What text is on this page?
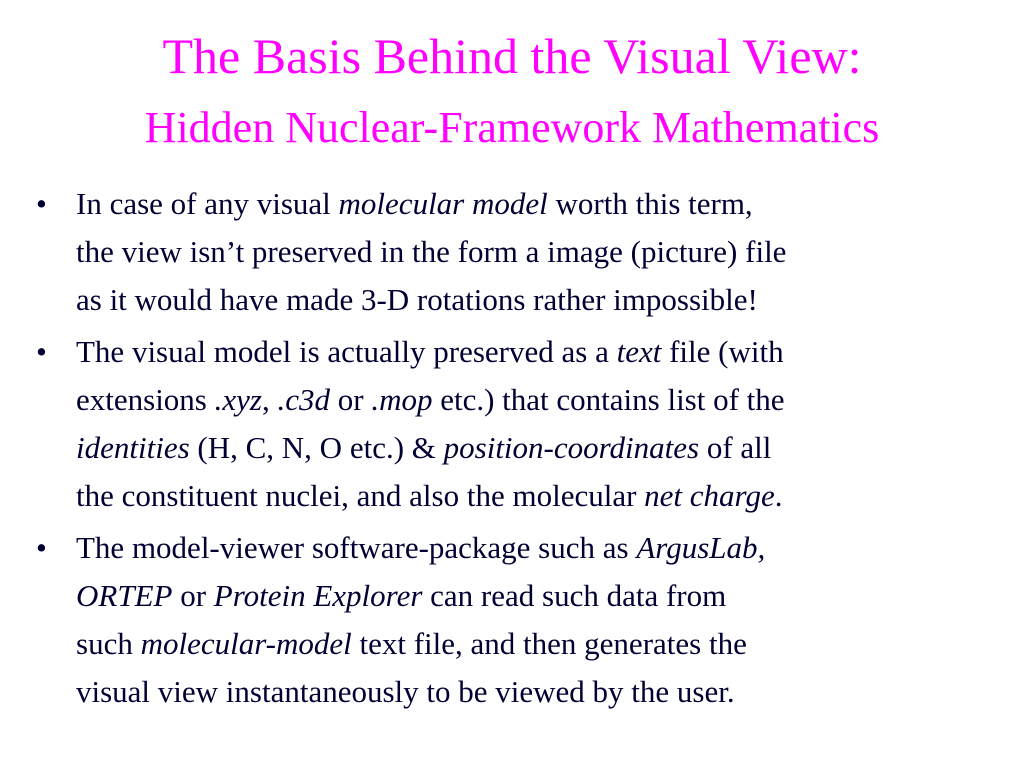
The Basis Behind the Visual View:
Hidden Nuclear-Framework Mathematics
• In case of any visual molecular model worth this term,
the view isn’t preserved in the form a image (picture) file
as it would have made 3-D rotations rather impossible!
• The visual model is actually preserved as a text file (with
extensions .xyz, .c3d or .mop etc.) that contains list of the
identities (H, C, N, O etc.) & position-coordinates of all
the constituent nuclei, and also the molecular net charge.
• The model-viewer software-package such as ArgusLab,
ORTEP or Protein Explorer can read such data from
such molecular-model text file, and then generates the
visual view instantaneously to be viewed by the user.
